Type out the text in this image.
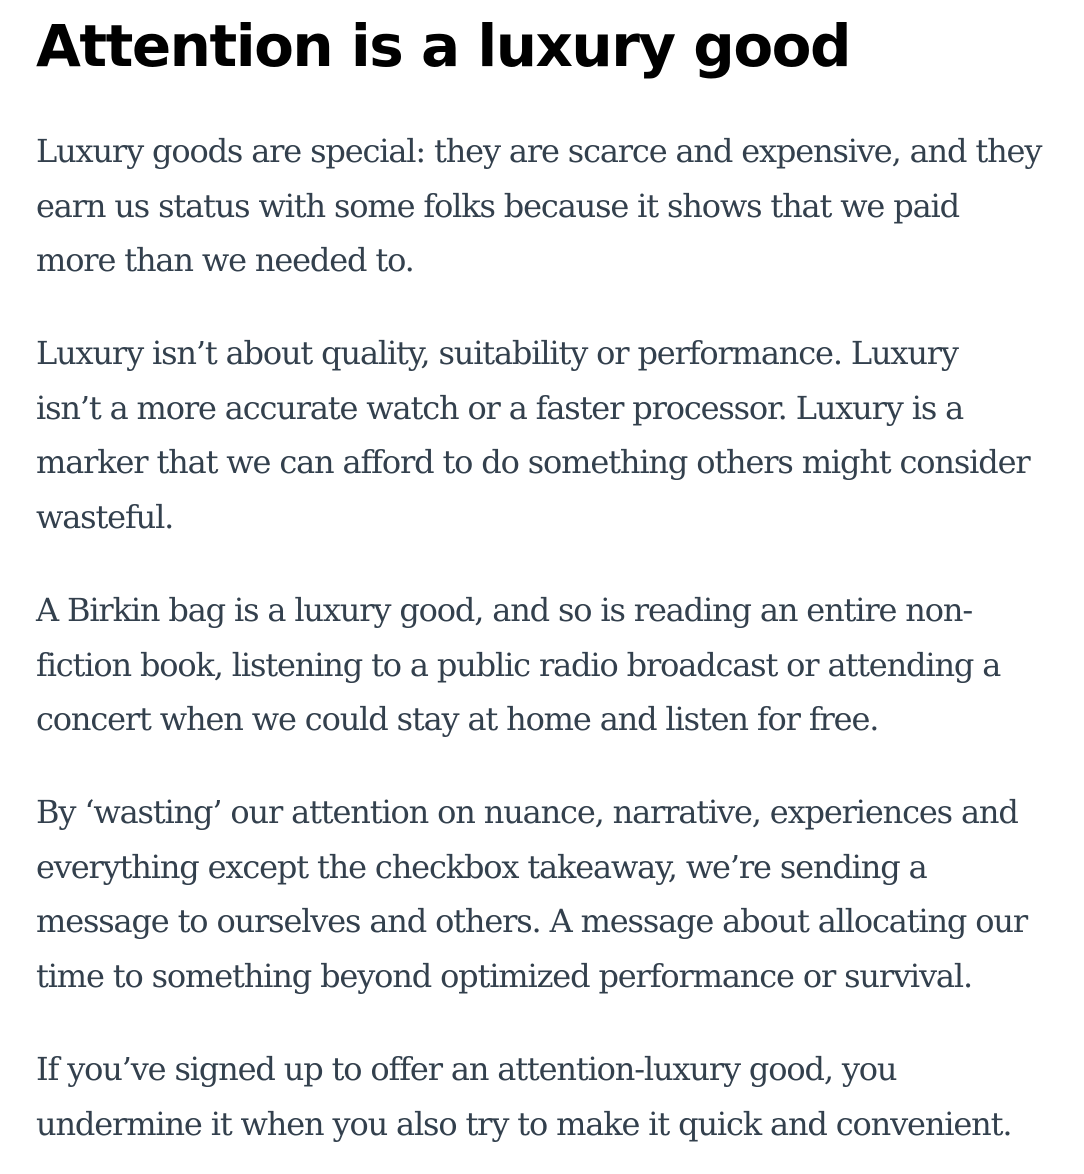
Attention is a luxury good

Luxury goods are special: they are scarce and expensive, and they
earn us status with some folks because it shows that we paid
more than we needed to.

Luxury isn’t about quality, suitability or performance. Luxury
isn’t a more accurate watch or a faster processor. Luxury is a
marker that we can afford to do something others might consider
wasteful.

A Birkin bag is a luxury good, and so is reading an entire non-
fiction book, listening to a public radio broadcast or attending a
concert when we could stay at home and listen for free.

By ‘wasting’ our attention on nuance, narrative, experiences and
everything except the checkbox takeaway, we’re sending a
message to ourselves and others. A message about allocating our
time to something beyond optimized performance or survival.

If you’ve signed up to offer an attention-luxury good, you
undermine it when you also try to make it quick and convenient.
